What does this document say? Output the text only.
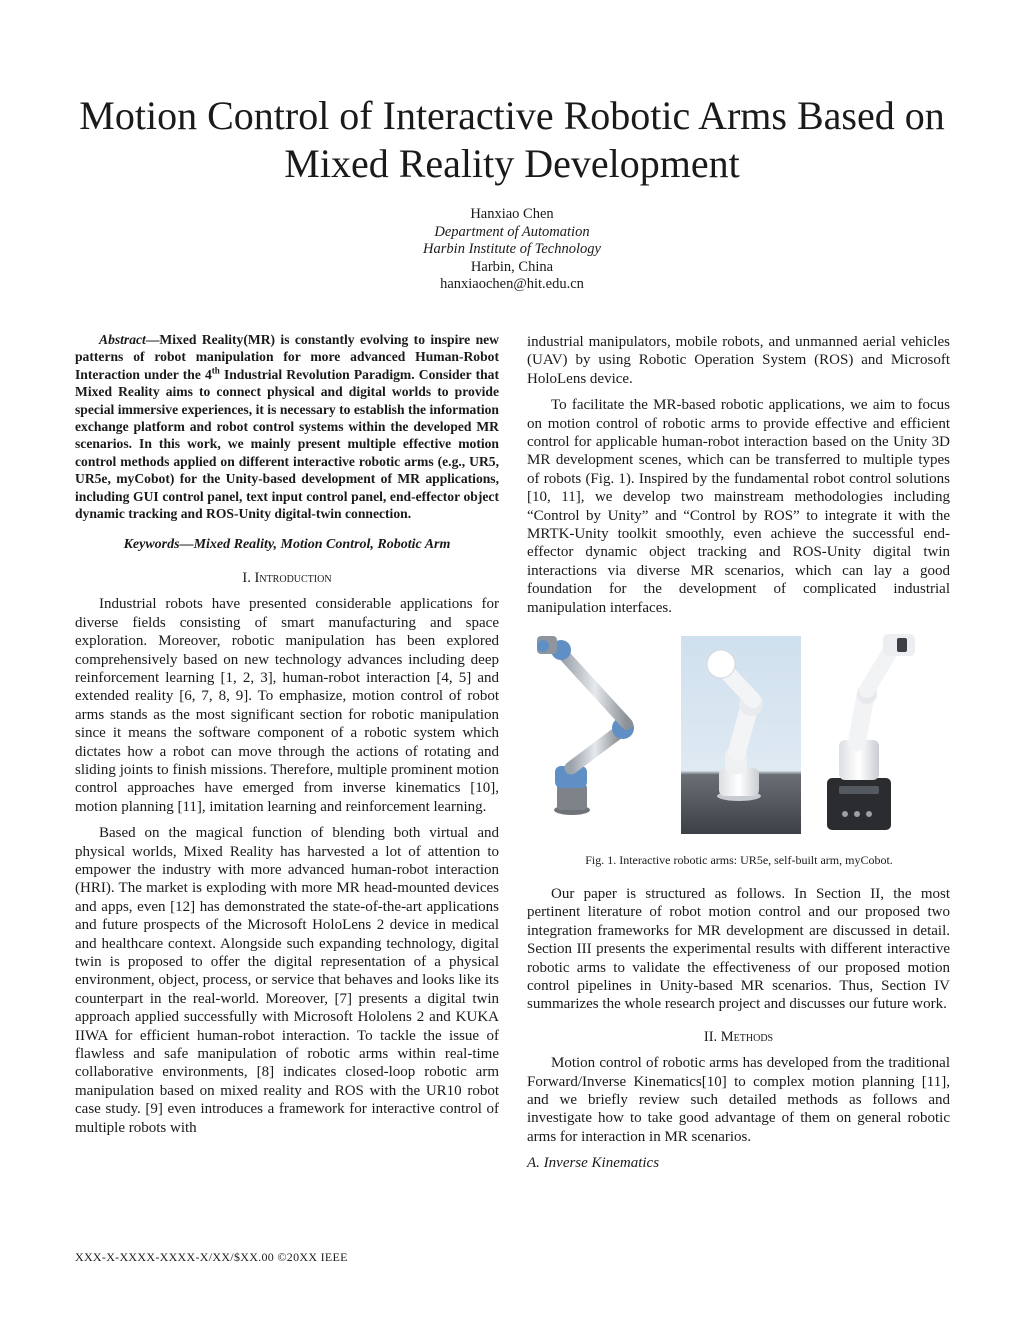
Motion Control of Interactive Robotic Arms Based on Mixed Reality Development
Hanxiao Chen
Department of Automation
Harbin Institute of Technology
Harbin, China
hanxiaochen@hit.edu.cn

Abstract—Mixed Reality(MR) is constantly evolving to inspire new patterns of robot manipulation for more advanced Human-Robot Interaction under the 4th Industrial Revolution Paradigm. Consider that Mixed Reality aims to connect physical and digital worlds to provide special immersive experiences, it is necessary to establish the information exchange platform and robot control systems within the developed MR scenarios. In this work, we mainly present multiple effective motion control methods applied on different interactive robotic arms (e.g., UR5, UR5e, myCobot) for the Unity-based development of MR applications, including GUI control panel, text input control panel, end-effector object dynamic tracking and ROS-Unity digital-twin connection.

Keywords—Mixed Reality, Motion Control, Robotic Arm

I. Introduction

Industrial robots have presented considerable applications for diverse fields consisting of smart manufacturing and space exploration. Moreover, robotic manipulation has been explored comprehensively based on new technology advances including deep reinforcement learning [1, 2, 3], human-robot interaction [4, 5] and extended reality [6, 7, 8, 9]. To emphasize, motion control of robot arms stands as the most significant section for robotic manipulation since it means the software component of a robotic system which dictates how a robot can move through the actions of rotating and sliding joints to finish missions. Therefore, multiple prominent motion control approaches have emerged from inverse kinematics [10], motion planning [11], imitation learning and reinforcement learning.

Based on the magical function of blending both virtual and physical worlds, Mixed Reality has harvested a lot of attention to empower the industry with more advanced human-robot interaction (HRI). The market is exploding with more MR head-mounted devices and apps, even [12] has demonstrated the state-of-the-art applications and future prospects of the Microsoft HoloLens 2 device in medical and healthcare context. Alongside such expanding technology, digital twin is proposed to offer the digital representation of a physical environment, object, process, or service that behaves and looks like its counterpart in the real-world. Moreover, [7] presents a digital twin approach applied successfully with Microsoft Hololens 2 and KUKA IIWA for efficient human-robot interaction. To tackle the issue of flawless and safe manipulation of robotic arms within real-time collaborative environments, [8] indicates closed-loop robotic arm manipulation based on mixed reality and ROS with the UR10 robot case study. [9] even introduces a framework for interactive control of multiple robots with

industrial manipulators, mobile robots, and unmanned aerial vehicles (UAV) by using Robotic Operation System (ROS) and Microsoft HoloLens device.

To facilitate the MR-based robotic applications, we aim to focus on motion control of robotic arms to provide effective and efficient control for applicable human-robot interaction based on the Unity 3D MR development scenes, which can be transferred to multiple types of robots (Fig. 1). Inspired by the fundamental robot control solutions [10, 11], we develop two mainstream methodologies including “Control by Unity” and “Control by ROS” to integrate it with the MRTK-Unity toolkit smoothly, even achieve the successful end-effector dynamic object tracking and ROS-Unity digital twin interactions via diverse MR scenarios, which can lay a good foundation for the development of complicated industrial manipulation interfaces.

Fig. 1. Interactive robotic arms: UR5e, self-built arm, myCobot.

Our paper is structured as follows. In Section II, the most pertinent literature of robot motion control and our proposed two integration frameworks for MR development are discussed in detail. Section III presents the experimental results with different interactive robotic arms to validate the effectiveness of our proposed motion control pipelines in Unity-based MR scenarios. Thus, Section IV summarizes the whole research project and discusses our future work.

II. Methods

Motion control of robotic arms has developed from the traditional Forward/Inverse Kinematics[10] to complex motion planning [11], and we briefly review such detailed methods as follows and investigate how to take good advantage of them on general robotic arms for interaction in MR scenarios.

A. Inverse Kinematics

XXX-X-XXXX-XXXX-X/XX/$XX.00 ©20XX IEEE
